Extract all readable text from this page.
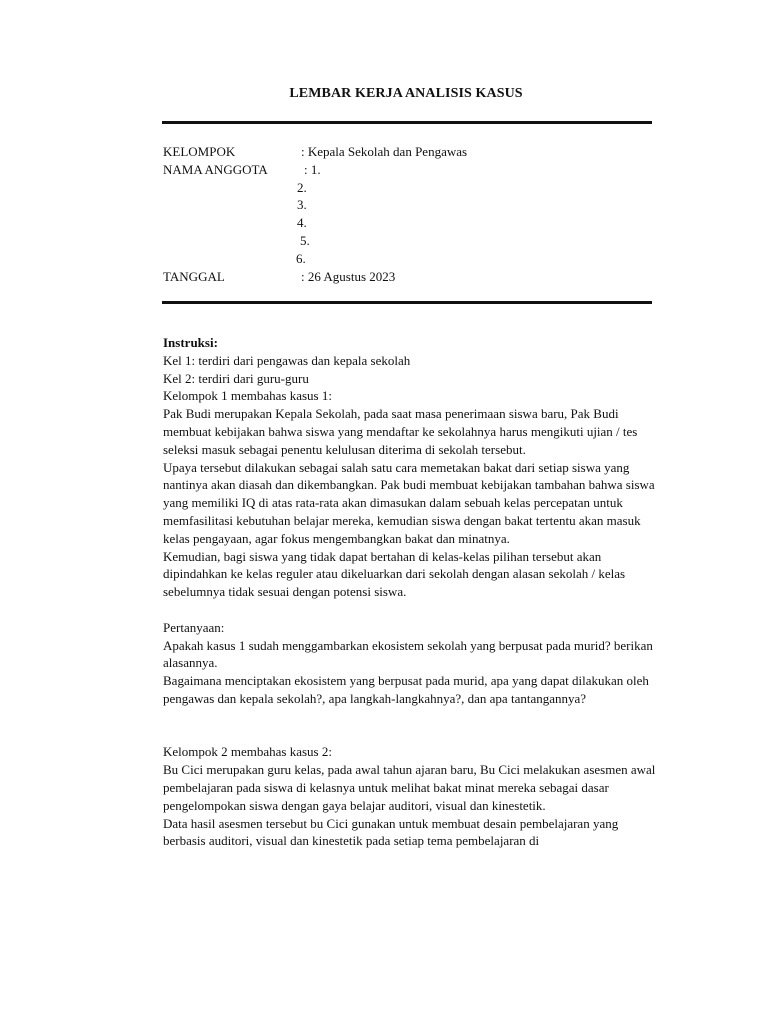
LEMBAR KERJA ANALISIS KASUS
KELOMPOK	: Kepala Sekolah dan Pengawas
NAMA ANGGOTA	: 1.
2.
3.
4.
5.
6.
TANGGAL	: 26 Agustus 2023

Instruksi:

Kel 1: terdiri dari pengawas dan kepala sekolah

Kel 2: terdiri dari guru-guru

Kelompok 1 membahas kasus 1:

Pak Budi merupakan Kepala Sekolah, pada saat masa penerimaan siswa baru, Pak Budi membuat kebijakan bahwa siswa yang mendaftar ke sekolahnya harus mengikuti ujian / tes seleksi masuk sebagai penentu kelulusan diterima di sekolah tersebut.

Upaya tersebut dilakukan sebagai salah satu cara memetakan bakat dari setiap siswa yang nantinya akan diasah dan dikembangkan. Pak budi membuat kebijakan tambahan bahwa siswa yang memiliki IQ di atas rata-rata akan dimasukan dalam sebuah kelas percepatan untuk memfasilitasi kebutuhan belajar mereka, kemudian siswa dengan bakat tertentu akan masuk kelas pengayaan, agar fokus mengembangkan bakat dan minatnya.

Kemudian, bagi siswa yang tidak dapat bertahan di kelas-kelas pilihan tersebut akan dipindahkan ke kelas reguler atau dikeluarkan dari sekolah dengan alasan sekolah / kelas sebelumnya tidak sesuai dengan potensi siswa.

Pertanyaan:

Apakah kasus 1 sudah menggambarkan ekosistem sekolah yang berpusat pada murid? berikan alasannya.

Bagaimana menciptakan ekosistem yang berpusat pada murid, apa yang dapat dilakukan oleh pengawas dan kepala sekolah?, apa langkah-langkahnya?, dan apa tantangannya?

Kelompok 2 membahas kasus 2:

Bu Cici merupakan guru kelas, pada awal tahun ajaran baru, Bu Cici melakukan asesmen awal pembelajaran pada siswa di kelasnya untuk melihat bakat minat mereka sebagai dasar pengelompokan siswa dengan gaya belajar auditori, visual dan kinestetik.

Data hasil asesmen tersebut bu Cici gunakan untuk membuat desain pembelajaran yang berbasis auditori, visual dan kinestetik pada setiap tema pembelajaran di
